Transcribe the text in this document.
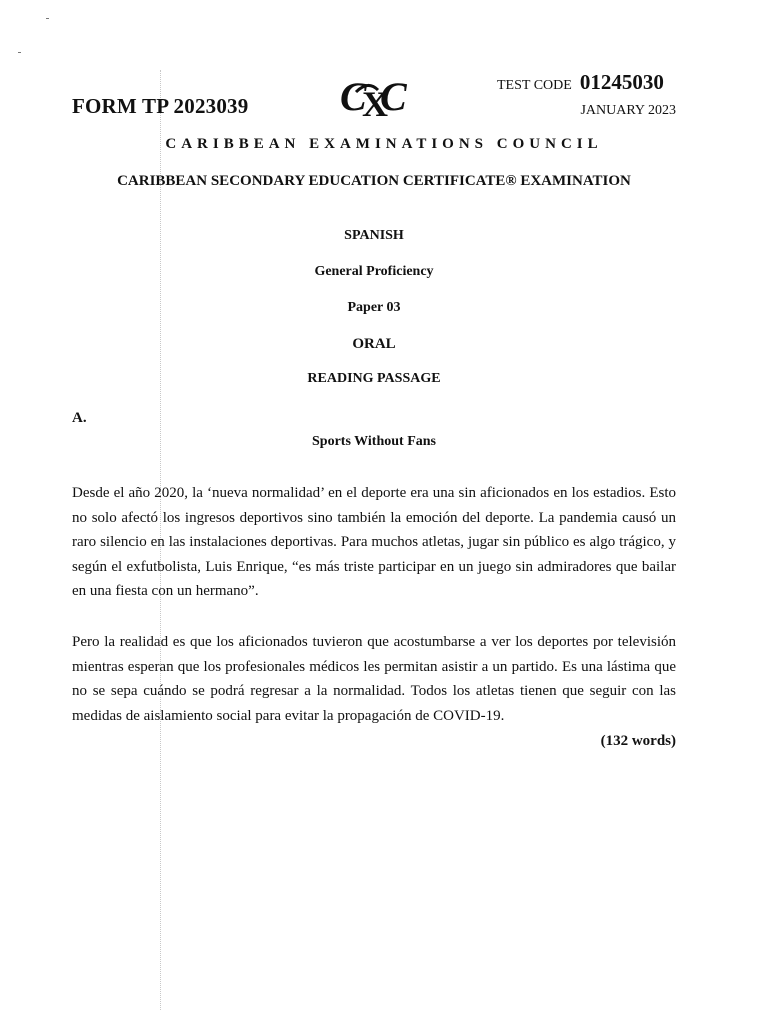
FORM TP 2023039 C
X
C	TEST CODE 01245030
JANUARY 2023
CARIBBEAN EXAMINATIONS COUNCIL
CARIBBEAN SECONDARY EDUCATION CERTIFICATE® EXAMINATION
SPANISH
General Proficiency
Paper 03
ORAL
READING PASSAGE
A.
Sports Without Fans

Desde el año 2020, la ‘nueva normalidad’ en el deporte era una sin aficionados en los estadios. Esto no solo afectó los ingresos deportivos sino también la emoción del deporte. La pandemia causó un raro silencio en las instalaciones deportivas. Para muchos atletas, jugar sin público es algo trágico, y según el exfutbolista, Luis Enrique, “es más triste participar en un juego sin admiradores que bailar en una fiesta con un hermano”.

Pero la realidad es que los aficionados tuvieron que acostumbarse a ver los deportes por televisión mientras esperan que los profesionales médicos les permitan asistir a un partido. Es una lástima que no se sepa cuándo se podrá regresar a la normalidad. Todos los atletas tienen que seguir con las medidas de aislamiento social para evitar la propagación de COVID-19.

(132 words)
